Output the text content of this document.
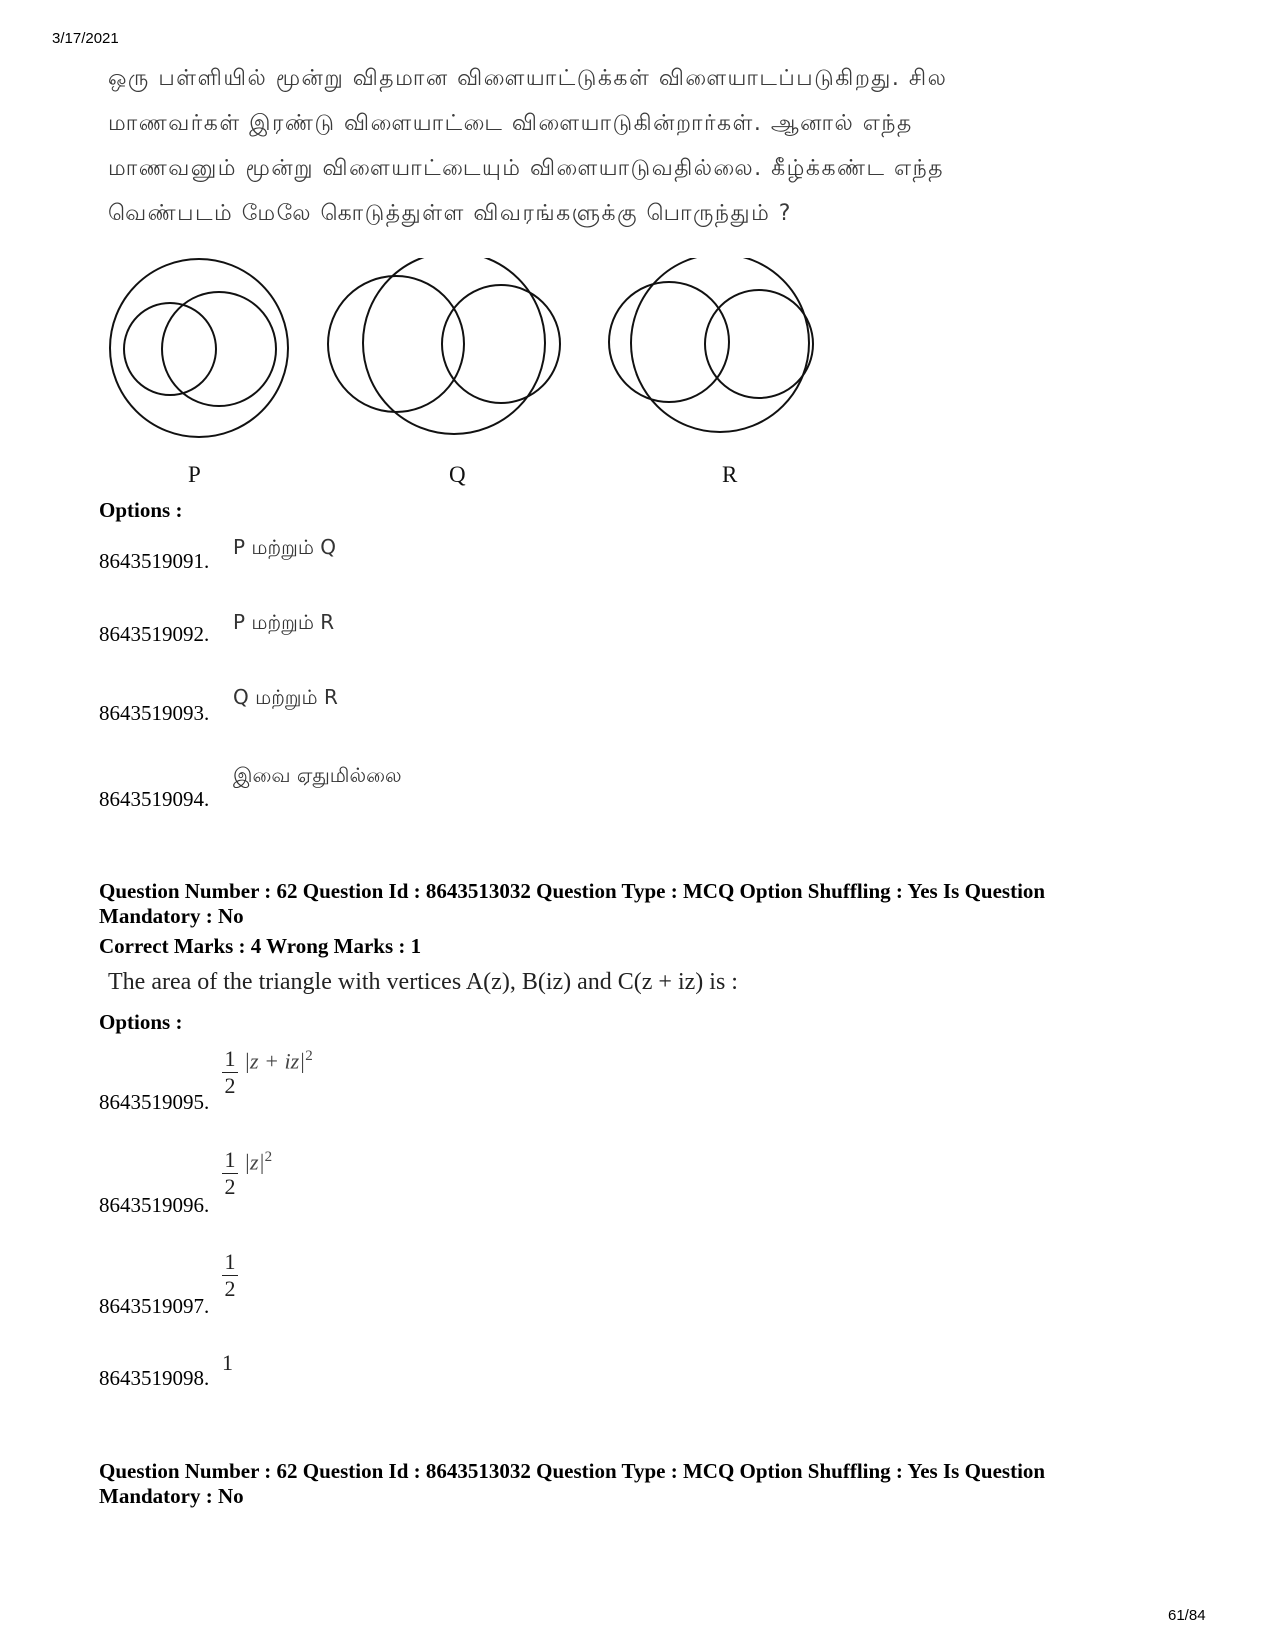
3/17/2021
ஒரு பள்ளியில் மூன்று விதமான விளையாட்டுக்கள் விளையாடப்படுகிறது. சில
மாணவர்கள் இரண்டு விளையாட்டை விளையாடுகின்றார்கள். ஆனால் எந்த
மாணவனும் மூன்று விளையாட்டையும் விளையாடுவதில்லை. கீழ்க்கண்ட எந்த
வெண்படம் மேலே கொடுத்துள்ள விவரங்களுக்கு பொருந்தும் ?
P	Q	R
Options :
8643519091.
P மற்றும் Q
8643519092. P மற்றும் R
8643519093.
Q மற்றும் R
8643519094.
இவை ஏதுமில்லை
Question Number : 62 Question Id : 8643513032 Question Type : MCQ Option Shuffling : Yes Is Question
Mandatory : No
Correct Marks : 4 Wrong Marks : 1
The area of the triangle with vertices A(z), B(iz) and C(z + iz) is :
Options :
8643519095.
$\frac{1}{2} |z + iz|^2$
8643519096.
$\frac{1}{2} |z|^2$
8643519097.
$\frac{1}{2}$
8643519098.
1
Question Number : 62 Question Id : 8643513032 Question Type : MCQ Option Shuffling : Yes Is Question
Mandatory : No
61/84
